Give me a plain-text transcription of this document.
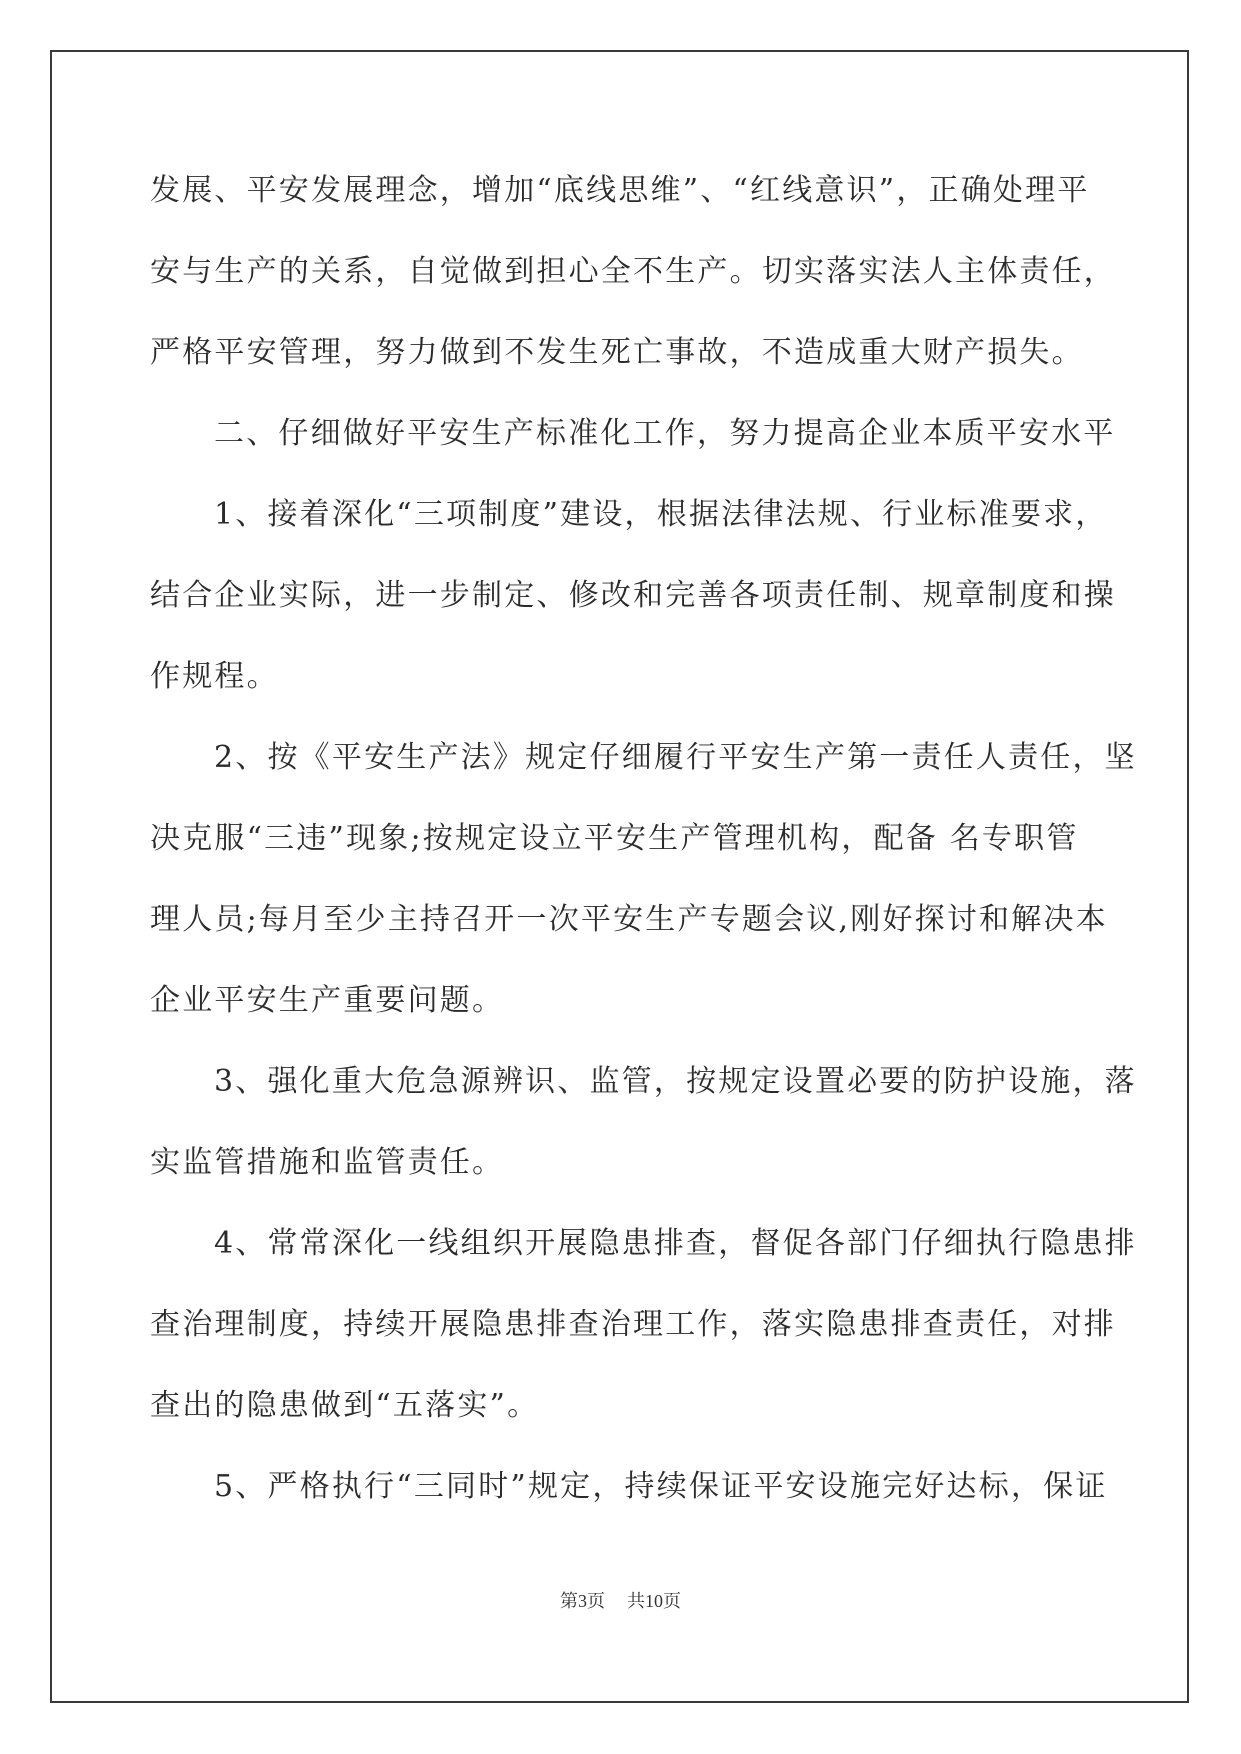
发展、平安发展理念，增加“底线思维”、“红线意识”，正确处理平
安与生产的关系，自觉做到担心全不生产。切实落实法人主体责任，
严格平安管理，努力做到不发生死亡事故，不造成重大财产损失。
二、仔细做好平安生产标准化工作，努力提高企业本质平安水平
1、接着深化“三项制度”建设，根据法律法规、行业标准要求，
结合企业实际，进一步制定、修改和完善各项责任制、规章制度和操
作规程。
2、按《平安生产法》规定仔细履行平安生产第一责任人责任，坚
决克服“三违”现象;按规定设立平安生产管理机构，配备 名专职管
理人员;每月至少主持召开一次平安生产专题会议,刚好探讨和解决本
企业平安生产重要问题。
3、强化重大危急源辨识、监管，按规定设置必要的防护设施，落
实监管措施和监管责任。
4、常常深化一线组织开展隐患排查，督促各部门仔细执行隐患排
查治理制度，持续开展隐患排查治理工作，落实隐患排查责任，对排
查出的隐患做到“五落实”。
5、严格执行“三同时”规定，持续保证平安设施完好达标，保证
第3页 共10页
